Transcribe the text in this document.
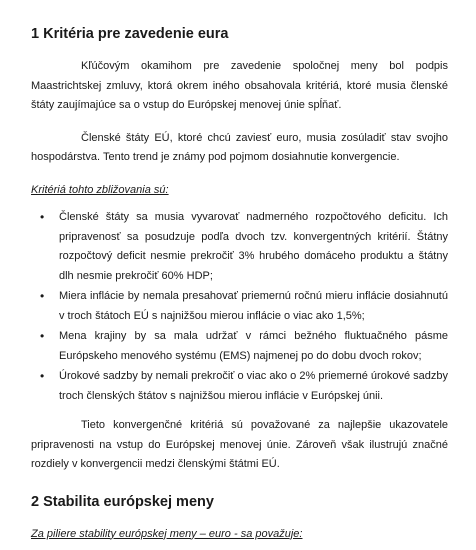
1 Kritéria pre zavedenie eura

Kľúčovým okamihom pre zavedenie spoločnej meny bol podpis Maastrichtskej zmluvy, ktorá okrem iného obsahovala kritériá, ktoré musia členské štáty zaujímajúce sa o vstup do Európskej menovej únie spĺňať.

Členské štáty EÚ, ktoré chcú zaviesť euro, musia zosúladiť stav svojho hospodárstva. Tento trend je známy pod pojmom dosiahnutie konvergencie.

Kritériá tohto zbližovania sú:
• Členské štáty sa musia vyvarovať nadmerného rozpočtového deficitu. Ich pripravenosť sa posudzuje podľa dvoch tzv. konvergentných kritérií. Štátny rozpočtový deficit nesmie prekročiť 3% hrubého domáceho produktu a štátny dlh nesmie prekročiť 60% HDP;
• Miera inflácie by nemala presahovať priemernú ročnú mieru inflácie dosiahnutú v troch štátoch EÚ s najnižšou mierou inflácie o viac ako 1,5%;
• Mena krajiny by sa mala udržať v rámci bežného fluktuačného pásme Európskeho menového systému (EMS) najmenej po do dobu dvoch rokov;
• Úrokové sadzby by nemali prekročiť o viac ako o 2% priemerné úrokové sadzby troch členských štátov s najnižšou mierou inflácie v Európskej únii.

Tieto konvergenčné kritériá sú považované za najlepšie ukazovatele pripravenosti na vstup do Európskej menovej únie. Zároveň však ilustrujú značné rozdiely v konvergencii medzi členskými štátmi EÚ.

2 Stabilita európskej meny
Za piliere stability európskej meny – euro - sa považuje:
